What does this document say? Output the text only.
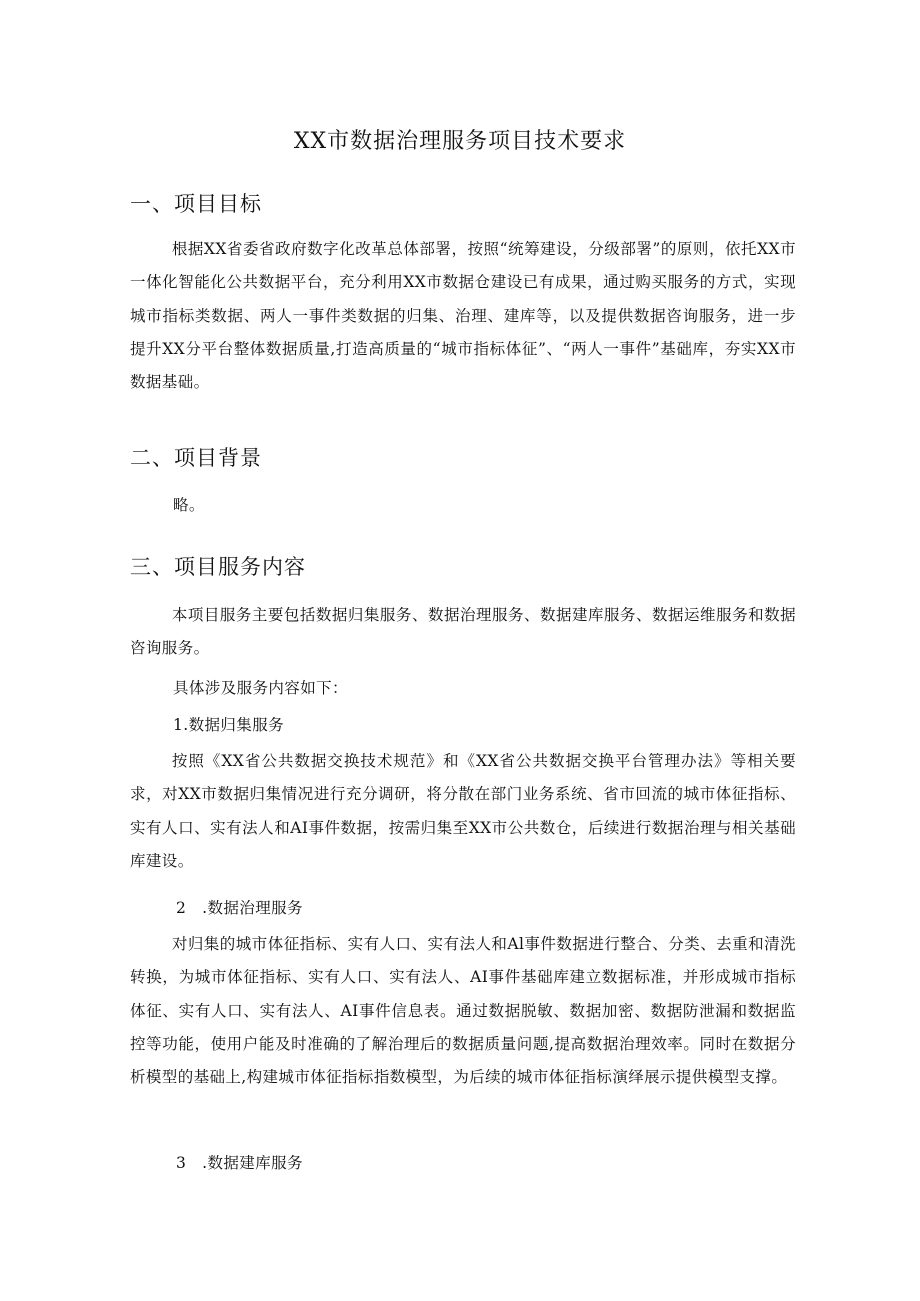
XX市数据治理服务项目技术要求
一、项目目标

根据XX省委省政府数字化改革总体部署，按照“统筹建设，分级部署”的原则，依托XX市一体化智能化公共数据平台，充分利用XX市数据仓建设已有成果，通过购买服务的方式，实现城市指标类数据、两人一事件类数据的归集、治理、建库等，以及提供数据咨询服务，进一步提升XX分平台整体数据质量,打造高质量的“城市指标体征”、“两人一事件”基础库，夯实XX市数据基础。

二、项目背景

略。

三、项目服务内容

本项目服务主要包括数据归集服务、数据治理服务、数据建库服务、数据运维服务和数据咨询服务。

具体涉及服务内容如下：

1.数据归集服务

按照《XX省公共数据交换技术规范》和《XX省公共数据交换平台管理办法》等相关要求，对XX市数据归集情况进行充分调研，将分散在部门业务系统、省市回流的城市体征指标、实有人口、实有法人和AI事件数据，按需归集至XX市公共数仓，后续进行数据治理与相关基础库建设。

2　.数据治理服务

对归集的城市体征指标、实有人口、实有法人和Al事件数据进行整合、分类、去重和清洗转换，为城市体征指标、实有人口、实有法人、AI事件基础库建立数据标准，并形成城市指标体征、实有人口、实有法人、AI事件信息表。通过数据脱敏、数据加密、数据防泄漏和数据监控等功能，使用户能及时准确的了解治理后的数据质量问题,提高数据治理效率。同时在数据分析模型的基础上,构建城市体征指标指数模型，为后续的城市体征指标演绎展示提供模型支撑。

3　.数据建库服务
